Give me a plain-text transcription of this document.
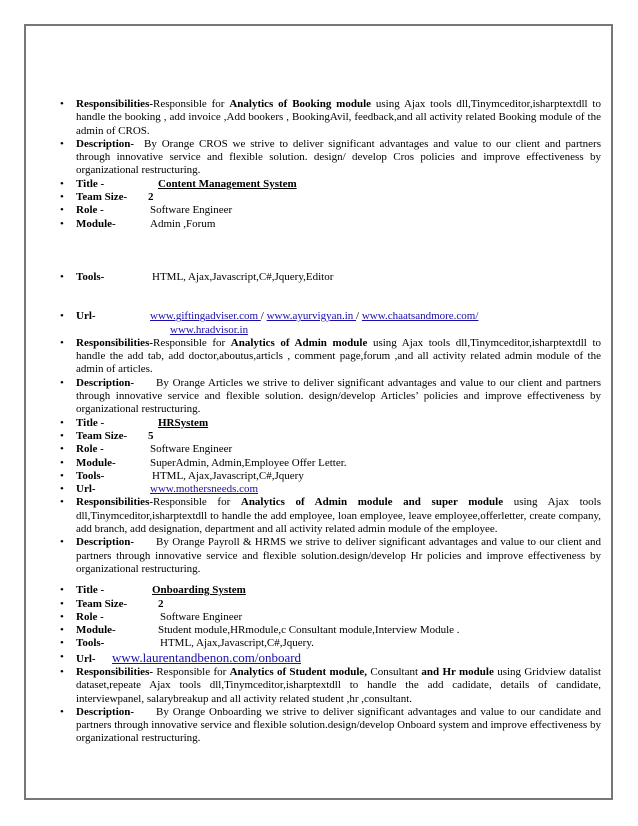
• Responsibilities-Responsible for Analytics of Booking module using Ajax tools dll,Tinymceditor,isharptextdll to handle the booking , add invoice ,Add bookers , BookingAvil, feedback,and all activity related Booking module of the admin of CROS.
• Description- By Orange CROS we strive to deliver significant advantages and value to our client and partners through innovative service and flexible solution. design/ develop Cros policies and improve effectiveness by organizational restructuring.
• Title -	Content Management System
• Team Size- 2
• Role -	Software Engineer
• Module-	Admin ,Forum
• Tools-	HTML, Ajax,Javascript,C#,Jquery,Editor
• Url-	www.giftingadviser.com / www.ayurvigyan.in / www.chaatsandmore.com/
www.hradvisor.in
• Responsibilities-Responsible for Analytics of Admin module using Ajax tools dll,Tinymceditor,isharptextdll to handle the add tab, add doctor,aboutus,articls , comment page,forum ,and all activity related admin module of the admin of articles.
• Description- By Orange Articles we strive to deliver significant advantages and value to our client and partners through innovative service and flexible solution. design/develop Articles’ policies and improve effectiveness by organizational restructuring.
• Title -	HRSystem
• Team Size- 5
• Role -	Software Engineer
• Module-	SuperAdmin, Admin,Employee Offer Letter.
• Tools-	HTML, Ajax,Javascript,C#,Jquery
• Url-	www.mothersneeds.com
• Responsibilities-Responsible for Analytics of Admin module and super module using Ajax tools dll,Tinymceditor,isharptextdll to handle the add employee, loan employee, leave employee,offerletter, create company, add branch, add designation, department and all activity related admin module of the employee.
• Description- By Orange Payroll & HRMS we strive to deliver significant advantages and value to our client and partners through innovative service and flexible solution.design/develop Hr policies and improve effectiveness by organizational restructuring.
• Title -	Onboarding System
• Team Size-	2
• Role -	Software Engineer
• Module-	Student module,HRmodule,c Consultant module,Interview Module .
• Tools-	HTML, Ajax,Javascript,C#,Jquery.
• Url- www.laurentandbenon.com/onboard
• Responsibilities- Responsible for Analytics of Student module, Consultant and Hr module using Gridview datalist dataset,repeate Ajax tools dll,Tinymceditor,isharptextdll to handle the add cadidate, details of candidate, interviewpanel, salarybreakup and all activity related student ,hr ,consultant.
• Description- By Orange Onboarding we strive to deliver significant advantages and value to our candidate and partners through innovative service and flexible solution.design/develop Onboard system and improve effectiveness by organizational restructuring.
